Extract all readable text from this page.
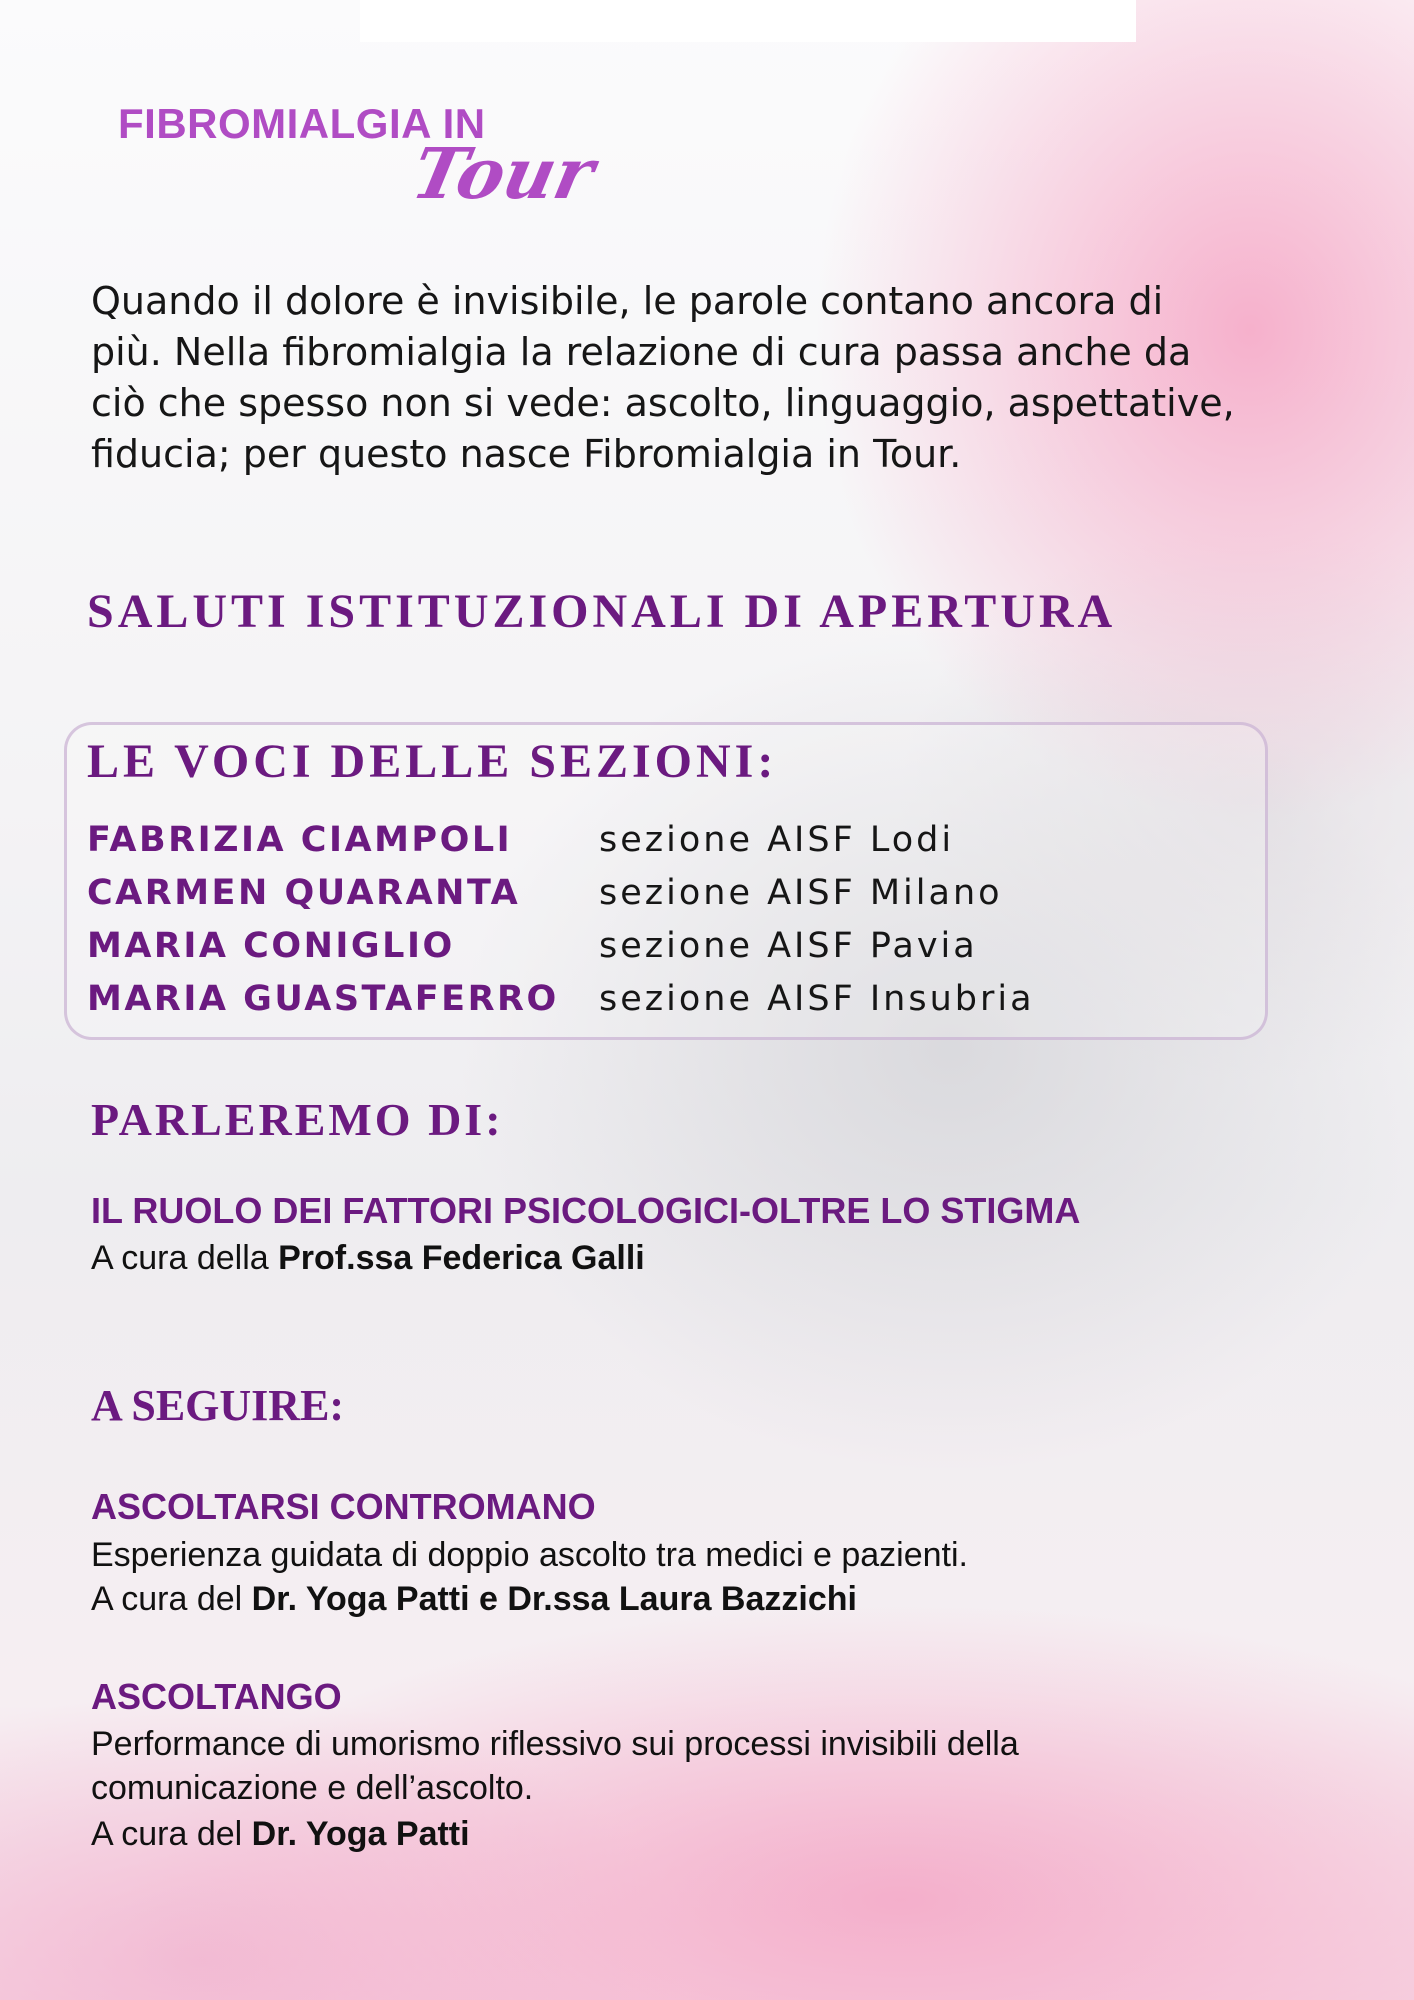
FIBROMIALGIA IN
Tour

Quando il dolore è invisibile, le parole contano ancora di
più. Nella fibromialgia la relazione di cura passa anche da
ciò che spesso non si vede: ascolto, linguaggio, aspettative,
fiducia; per questo nasce Fibromialgia in Tour.

SALUTI ISTITUZIONALI DI APERTURA
LE VOCI DELLE SEZIONI:
FABRIZIA CIAMPOLI sezione AISF Lodi
CARMEN QUARANTA sezione AISF Milano
MARIA CONIGLIO	sezione AISF Pavia
MARIA GUASTAFERRO sezione AISF Insubria
PARLEREMO DI:

IL RUOLO DEI FATTORI PSICOLOGICI-OLTRE LO STIGMA

A cura della Prof.ssa Federica Galli

A SEGUIRE:

ASCOLTARSI CONTROMANO

Esperienza guidata di doppio ascolto tra medici e pazienti.

A cura del Dr. Yoga Patti e Dr.ssa Laura Bazzichi

ASCOLTANGO

Performance di umorismo riflessivo sui processi invisibili della

comunicazione e dell’ascolto.

A cura del Dr. Yoga Patti
